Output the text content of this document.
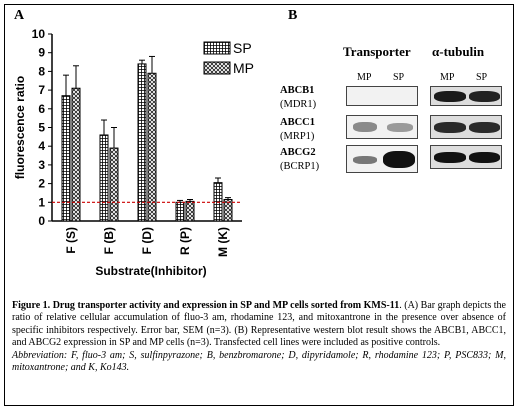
A	B
0
1
2
3
4
5
6
7
8
9
10
fluorescence ratio
F (S) F (B) F (D) R (P) M (K)
SP
MP
Substrate(Inhibitor)
Transporter α-tubulin
MP SP	MP SP
ABCB1
(MDR1)
ABCC1
(MRP1)
ABCG2
(BCRP1)
Figure 1. Drug transporter activity and expression in SP and MP cells sorted from KMS-11. (A) Bar graph depicts the ratio of relative cellular accumulation of fluo-3 am, rhodamine 123, and mitoxantrone in the presence over absence of specific inhibitors respectively. Error bar, SEM (n=3). (B) Representative western blot result shows the ABCB1, ABCC1, and ABCG2 expression in SP and MP cells (n=3). Transfected cell lines were included as positive controls.
Abbreviation: F, fluo-3 am; S, sulfinpyrazone; B, benzbromarone; D, dipyridamole; R, rhodamine 123; P, PSC833; M, mitoxantrone; and K, Ko143.
